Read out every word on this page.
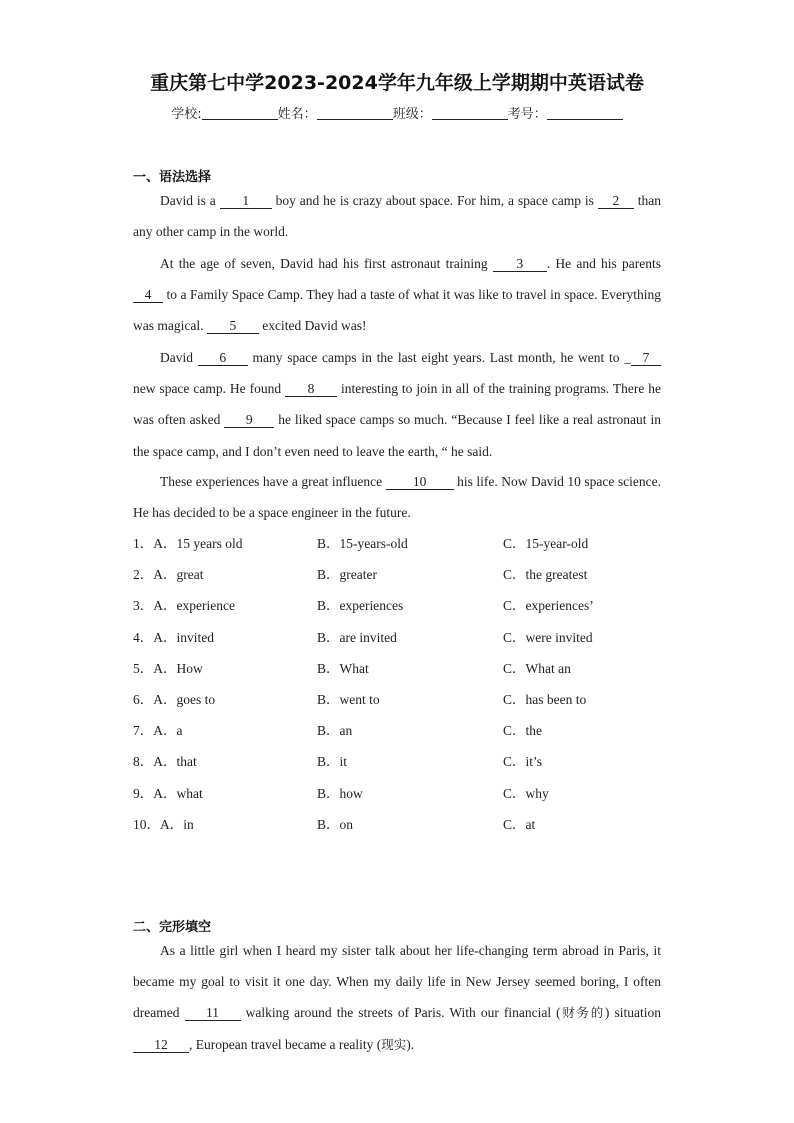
重庆第七中学2023-2024学年九年级上学期期中英语试卷
学校:	姓名：	班级：	考号：
一、语法选择

David is a 1 boy and he is crazy about space. For him, a space camp is 2 than any other camp in the world.

At the age of seven, David had his first astronaut training 3 . He and his parents 4 to a Family Space Camp. They had a taste of what it was like to travel in space. Everything was magical. 5 excited David was!

David 6 many space camps in the last eight years. Last month, he went to _ 7 new space camp. He found 8 interesting to join in all of the training programs. There he was often asked 9 he liked space camps so much. “Because I feel like a real astronaut in the space camp, and I don’t even need to leave the earth, “ he said.

These experiences have a great influence 10 his life. Now David 10 space science. He has decided to be a space engineer in the future.

1．A．15 years old	B．15-years-old	C．15-year-old
2．A．great	B．greater	C．the greatest
3．A．experience	B．experiences	C．experiences’
4．A．invited	B．are invited	C．were invited
5．A．How	B．What	C．What an
6．A．goes to	B．went to	C．has been to
7．A．a	B．an	C．the
8．A．that	B．it	C．it’s
9．A．what	B．how	C．why
10．A．in	B．on	C．at
二、完形填空

As a little girl when I heard my sister talk about her life-changing term abroad in Paris, it became my goal to visit it one day. When my daily life in New Jersey seemed boring, I often dreamed 11 walking around the streets of Paris. With our financial (财务的) situation 12 , European travel became a reality (现实).
